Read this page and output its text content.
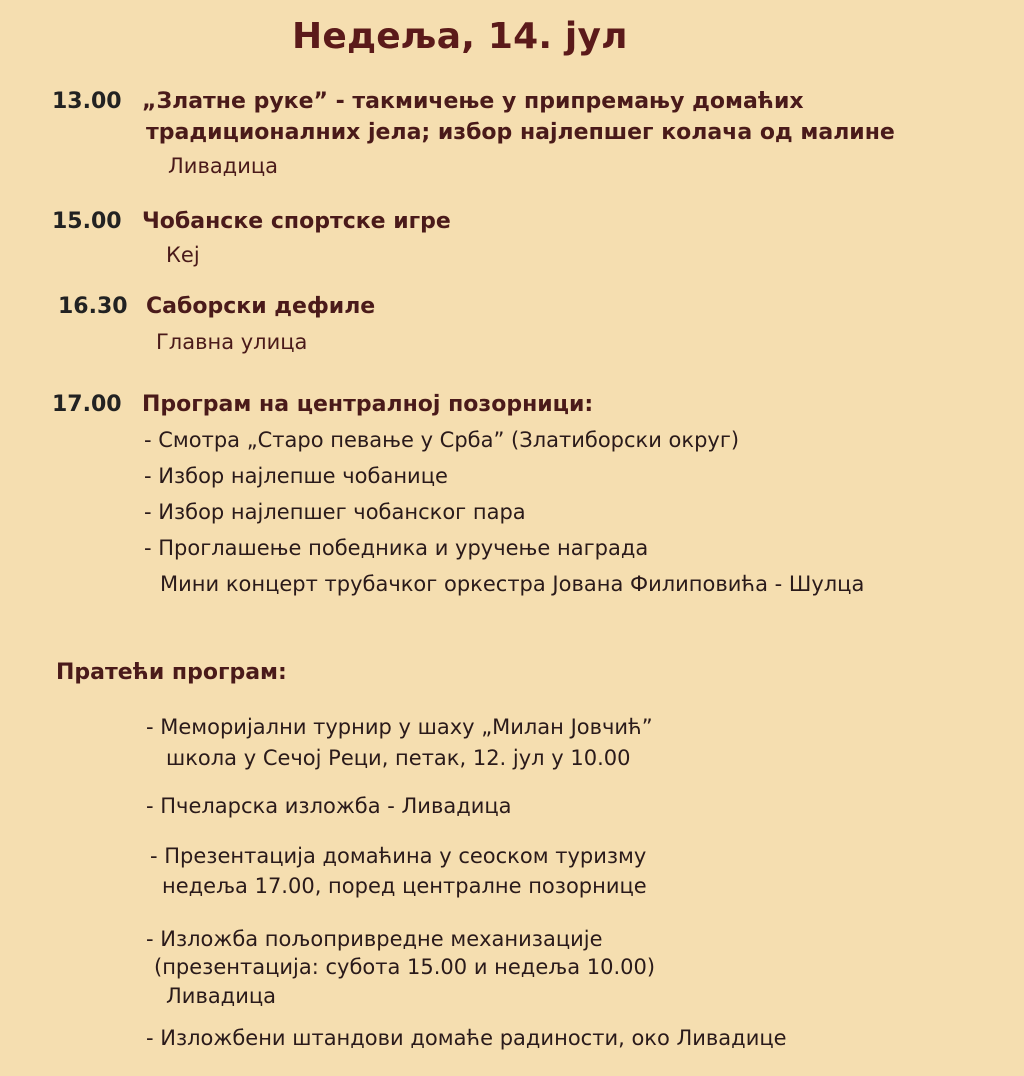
Недеља, 14. јул
13.00 „Златне руке” - такмичење у припремању домаћих
традиционалних јела; избор најлепшег колача од малине
Ливадица
15.00 Чобанске спортске игре
Кеј
16.30 Саборски дефиле
Главна улица
17.00 Програм на централној позорници:
- Смотра „Старо певање у Срба” (Златиборски округ)
- Избор најлепше чобанице
- Избор најлепшег чобанског пара
- Проглашење победника и уручење награда
Мини концерт трубачког оркестра Јована Филиповића - Шулца
Пратећи програм:
- Меморијални турнир у шаху „Милан Јовчић”
школа у Сечој Реци, петак, 12. јул у 10.00
- Пчеларска изложба - Ливадица
- Презентација домаћина у сеоском туризму
недеља 17.00, поред централне позорнице
- Изложба пољопривредне механизације
(презентација: субота 15.00 и недеља 10.00)
Ливадица
- Изложбени штандови домаће радиности, око Ливадице
